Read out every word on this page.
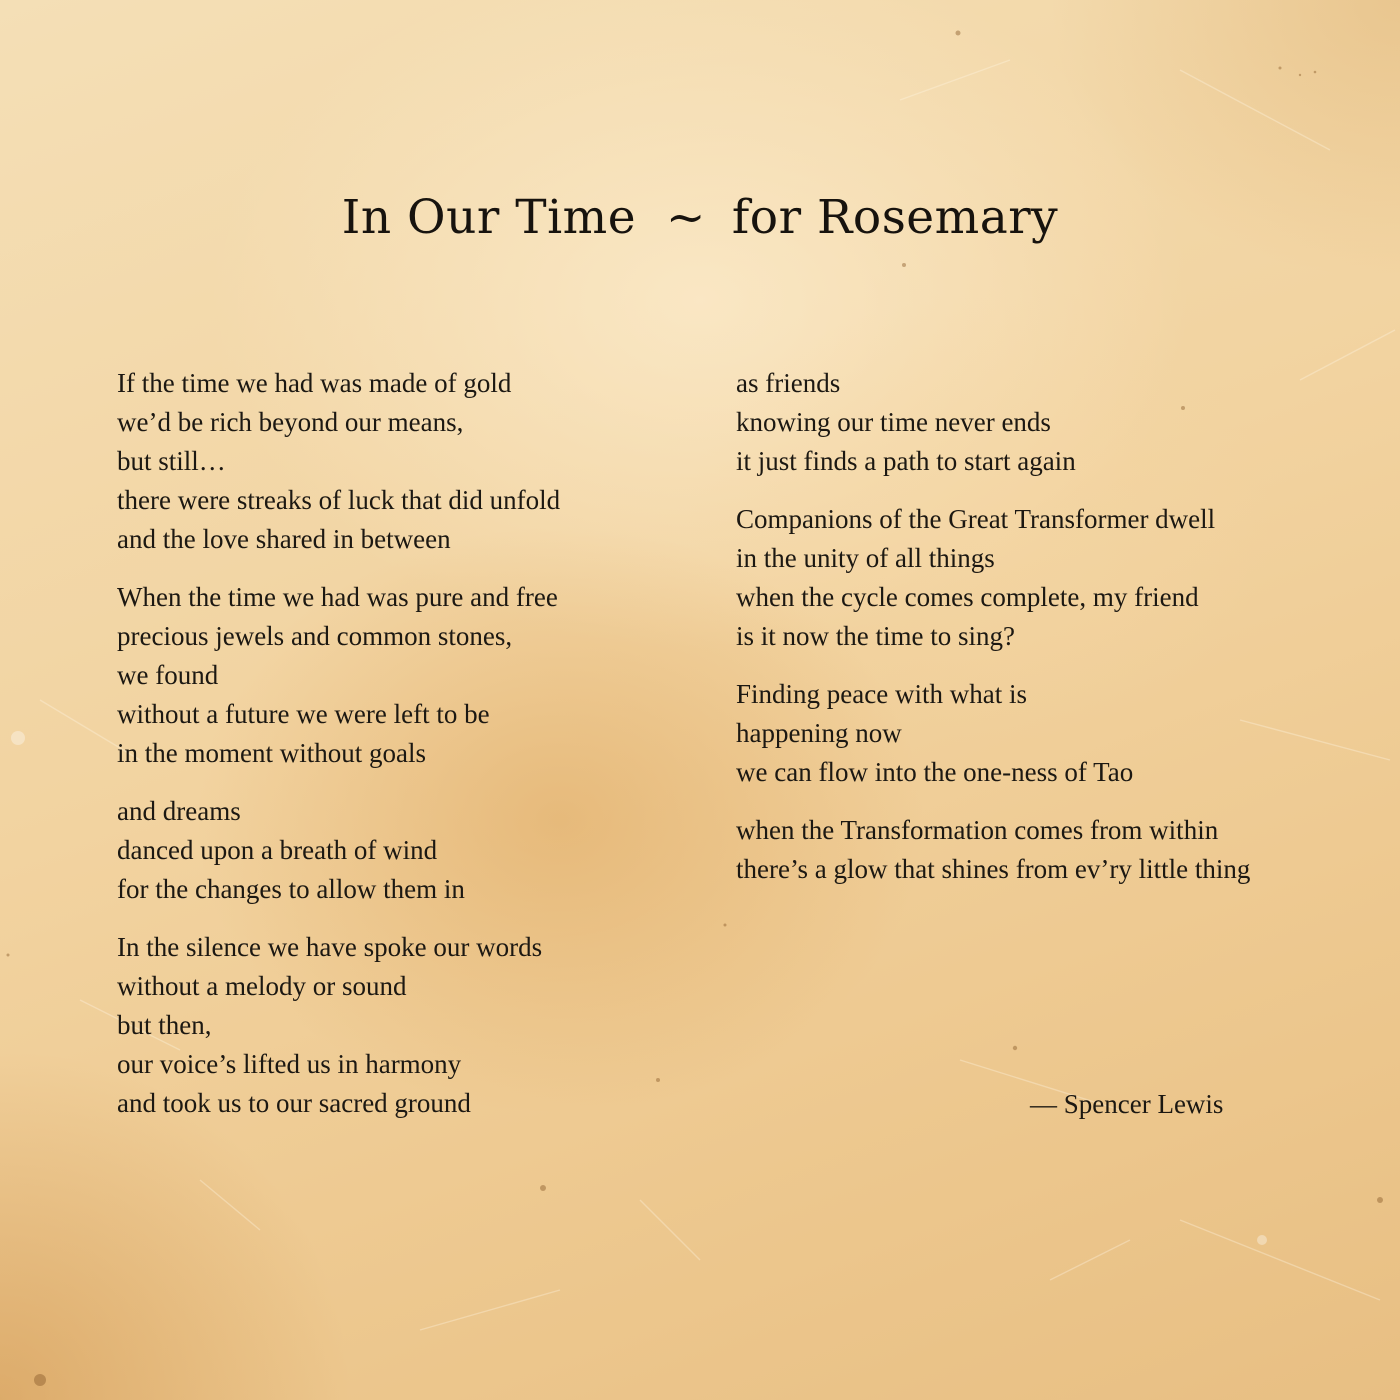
In Our Time ~ for Rosemary
If the time we had was made of gold
we’d be rich beyond our means,
but still…
there were streaks of luck that did unfold
and the love shared in between
When the time we had was pure and free
precious jewels and common stones,
we found
without a future we were left to be
in the moment without goals
and dreams
danced upon a breath of wind
for the changes to allow them in
In the silence we have spoke our words
without a melody or sound
but then,
our voice’s lifted us in harmony
and took us to our sacred ground
as friends
knowing our time never ends
it just finds a path to start again
Companions of the Great Transformer dwell
in the unity of all things
when the cycle comes complete, my friend
is it now the time to sing?
Finding peace with what is
happening now
we can flow into the one-ness of Tao
when the Transformation comes from within
there’s a glow that shines from ev’ry little thing
— Spencer Lewis
